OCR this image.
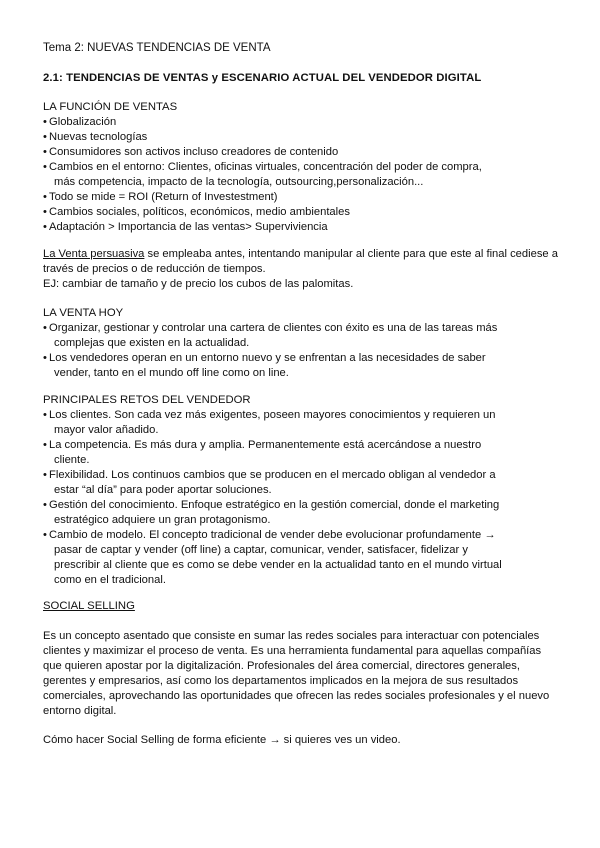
Tema 2: NUEVAS TENDENCIAS DE VENTA

2.1: TENDENCIAS DE VENTAS y ESCENARIO ACTUAL DEL VENDEDOR DIGITAL

LA FUNCIÓN DE VENTAS

• Globalización
• Nuevas tecnologías
• Consumidores son activos incluso creadores de contenido
• Cambios en el entorno: Clientes, oficinas virtuales, concentración del poder de compra,
más competencia, impacto de la tecnología, outsourcing,personalización...
• Todo se mide = ROI (Return of Investestment)
• Cambios sociales, políticos, económicos, medio ambientales
• Adaptación > Importancia de las ventas> Superviviencia

La Venta persuasiva se empleaba antes, intentando manipular al cliente para que este al final cediese a

través de precios o de reducción de tiempos.

EJ: cambiar de tamaño y de precio los cubos de las palomitas.

LA VENTA HOY

• Organizar, gestionar y controlar una cartera de clientes con éxito es una de las tareas más
complejas que existen en la actualidad.
• Los vendedores operan en un entorno nuevo y se enfrentan a las necesidades de saber
vender, tanto en el mundo off line como on line.

PRINCIPALES RETOS DEL VENDEDOR

• Los clientes. Son cada vez más exigentes, poseen mayores conocimientos y requieren un
mayor valor añadido.
• La competencia. Es más dura y amplia. Permanentemente está acercándose a nuestro
cliente.
• Flexibilidad. Los continuos cambios que se producen en el mercado obligan al vendedor a
estar “al día” para poder aportar soluciones.
• Gestión del conocimiento. Enfoque estratégico en la gestión comercial, donde el marketing
estratégico adquiere un gran protagonismo.
• Cambio de modelo. El concepto tradicional de vender debe evolucionar profundamente →
pasar de captar y vender (off line) a captar, comunicar, vender, satisfacer, fidelizar y
prescribir al cliente que es como se debe vender en la actualidad tanto en el mundo virtual
como en el tradicional.

SOCIAL SELLING

Es un concepto asentado que consiste en sumar las redes sociales para interactuar con potenciales

clientes y maximizar el proceso de venta. Es una herramienta fundamental para aquellas compañías

que quieren apostar por la digitalización. Profesionales del área comercial, directores generales,

gerentes y empresarios, así como los departamentos implicados en la mejora de sus resultados

comerciales, aprovechando las oportunidades que ofrecen las redes sociales profesionales y el nuevo

entorno digital.

Cómo hacer Social Selling de forma eficiente → si quieres ves un video.
